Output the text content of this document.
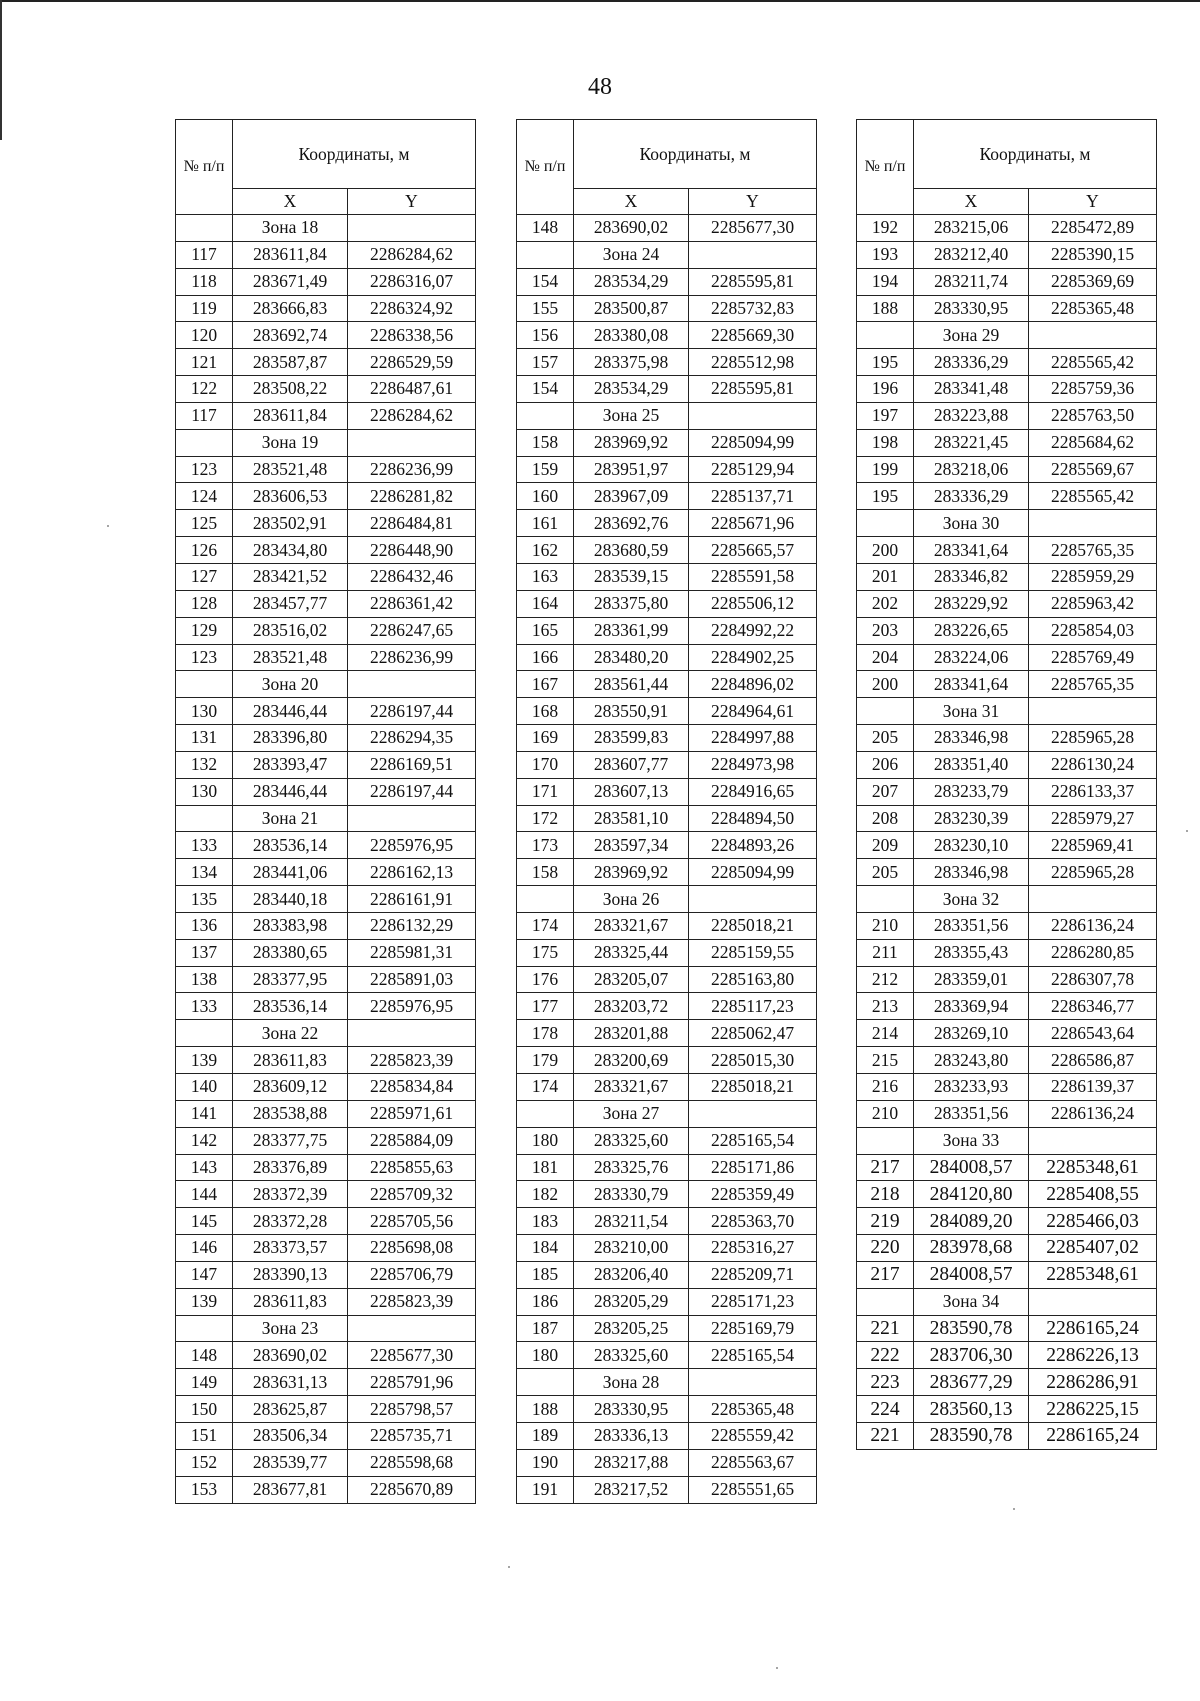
48
№ п/п	Координаты, м	
	X	Y
	Зона 18	
117	283611,84	2286284,62
118	283671,49	2286316,07
119	283666,83	2286324,92
120	283692,74	2286338,56
121	283587,87	2286529,59
122	283508,22	2286487,61
117	283611,84	2286284,62
	Зона 19	
123	283521,48	2286236,99
124	283606,53	2286281,82
125	283502,91	2286484,81
126	283434,80	2286448,90
127	283421,52	2286432,46
128	283457,77	2286361,42
129	283516,02	2286247,65
123	283521,48	2286236,99
	Зона 20	
130	283446,44	2286197,44
131	283396,80	2286294,35
132	283393,47	2286169,51
130	283446,44	2286197,44
	Зона 21	
133	283536,14	2285976,95
134	283441,06	2286162,13
135	283440,18	2286161,91
136	283383,98	2286132,29
137	283380,65	2285981,31
138	283377,95	2285891,03
133	283536,14	2285976,95
	Зона 22	
139	283611,83	2285823,39
140	283609,12	2285834,84
141	283538,88	2285971,61
142	283377,75	2285884,09
143	283376,89	2285855,63
144	283372,39	2285709,32
145	283372,28	2285705,56
146	283373,57	2285698,08
147	283390,13	2285706,79
139	283611,83	2285823,39
	Зона 23	
148	283690,02	2285677,30
149	283631,13	2285791,96
150	283625,87	2285798,57
151	283506,34	2285735,71
152	283539,77	2285598,68
153	283677,81	2285670,89
№ п/п	Координаты, м	
	X	Y
148	283690,02	2285677,30
	Зона 24	
154	283534,29	2285595,81
155	283500,87	2285732,83
156	283380,08	2285669,30
157	283375,98	2285512,98
154	283534,29	2285595,81
	Зона 25	
158	283969,92	2285094,99
159	283951,97	2285129,94
160	283967,09	2285137,71
161	283692,76	2285671,96
162	283680,59	2285665,57
163	283539,15	2285591,58
164	283375,80	2285506,12
165	283361,99	2284992,22
166	283480,20	2284902,25
167	283561,44	2284896,02
168	283550,91	2284964,61
169	283599,83	2284997,88
170	283607,77	2284973,98
171	283607,13	2284916,65
172	283581,10	2284894,50
173	283597,34	2284893,26
158	283969,92	2285094,99
	Зона 26	
174	283321,67	2285018,21
175	283325,44	2285159,55
176	283205,07	2285163,80
177	283203,72	2285117,23
178	283201,88	2285062,47
179	283200,69	2285015,30
174	283321,67	2285018,21
	Зона 27	
180	283325,60	2285165,54
181	283325,76	2285171,86
182	283330,79	2285359,49
183	283211,54	2285363,70
184	283210,00	2285316,27
185	283206,40	2285209,71
186	283205,29	2285171,23
187	283205,25	2285169,79
180	283325,60	2285165,54
	Зона 28	
188	283330,95	2285365,48
189	283336,13	2285559,42
190	283217,88	2285563,67
191	283217,52	2285551,65
№ п/п	Координаты, м	
	X	Y
192	283215,06	2285472,89
193	283212,40	2285390,15
194	283211,74	2285369,69
188	283330,95	2285365,48
	Зона 29	
195	283336,29	2285565,42
196	283341,48	2285759,36
197	283223,88	2285763,50
198	283221,45	2285684,62
199	283218,06	2285569,67
195	283336,29	2285565,42
	Зона 30	
200	283341,64	2285765,35
201	283346,82	2285959,29
202	283229,92	2285963,42
203	283226,65	2285854,03
204	283224,06	2285769,49
200	283341,64	2285765,35
	Зона 31	
205	283346,98	2285965,28
206	283351,40	2286130,24
207	283233,79	2286133,37
208	283230,39	2285979,27
209	283230,10	2285969,41
205	283346,98	2285965,28
	Зона 32	
210	283351,56	2286136,24
211	283355,43	2286280,85
212	283359,01	2286307,78
213	283369,94	2286346,77
214	283269,10	2286543,64
215	283243,80	2286586,87
216	283233,93	2286139,37
210	283351,56	2286136,24
	Зона 33	
217	284008,57	2285348,61
218	284120,80	2285408,55
219	284089,20	2285466,03
220	283978,68	2285407,02
217	284008,57	2285348,61
	Зона 34	
221	283590,78	2286165,24
222	283706,30	2286226,13
223	283677,29	2286286,91
224	283560,13	2286225,15
221	283590,78	2286165,24
